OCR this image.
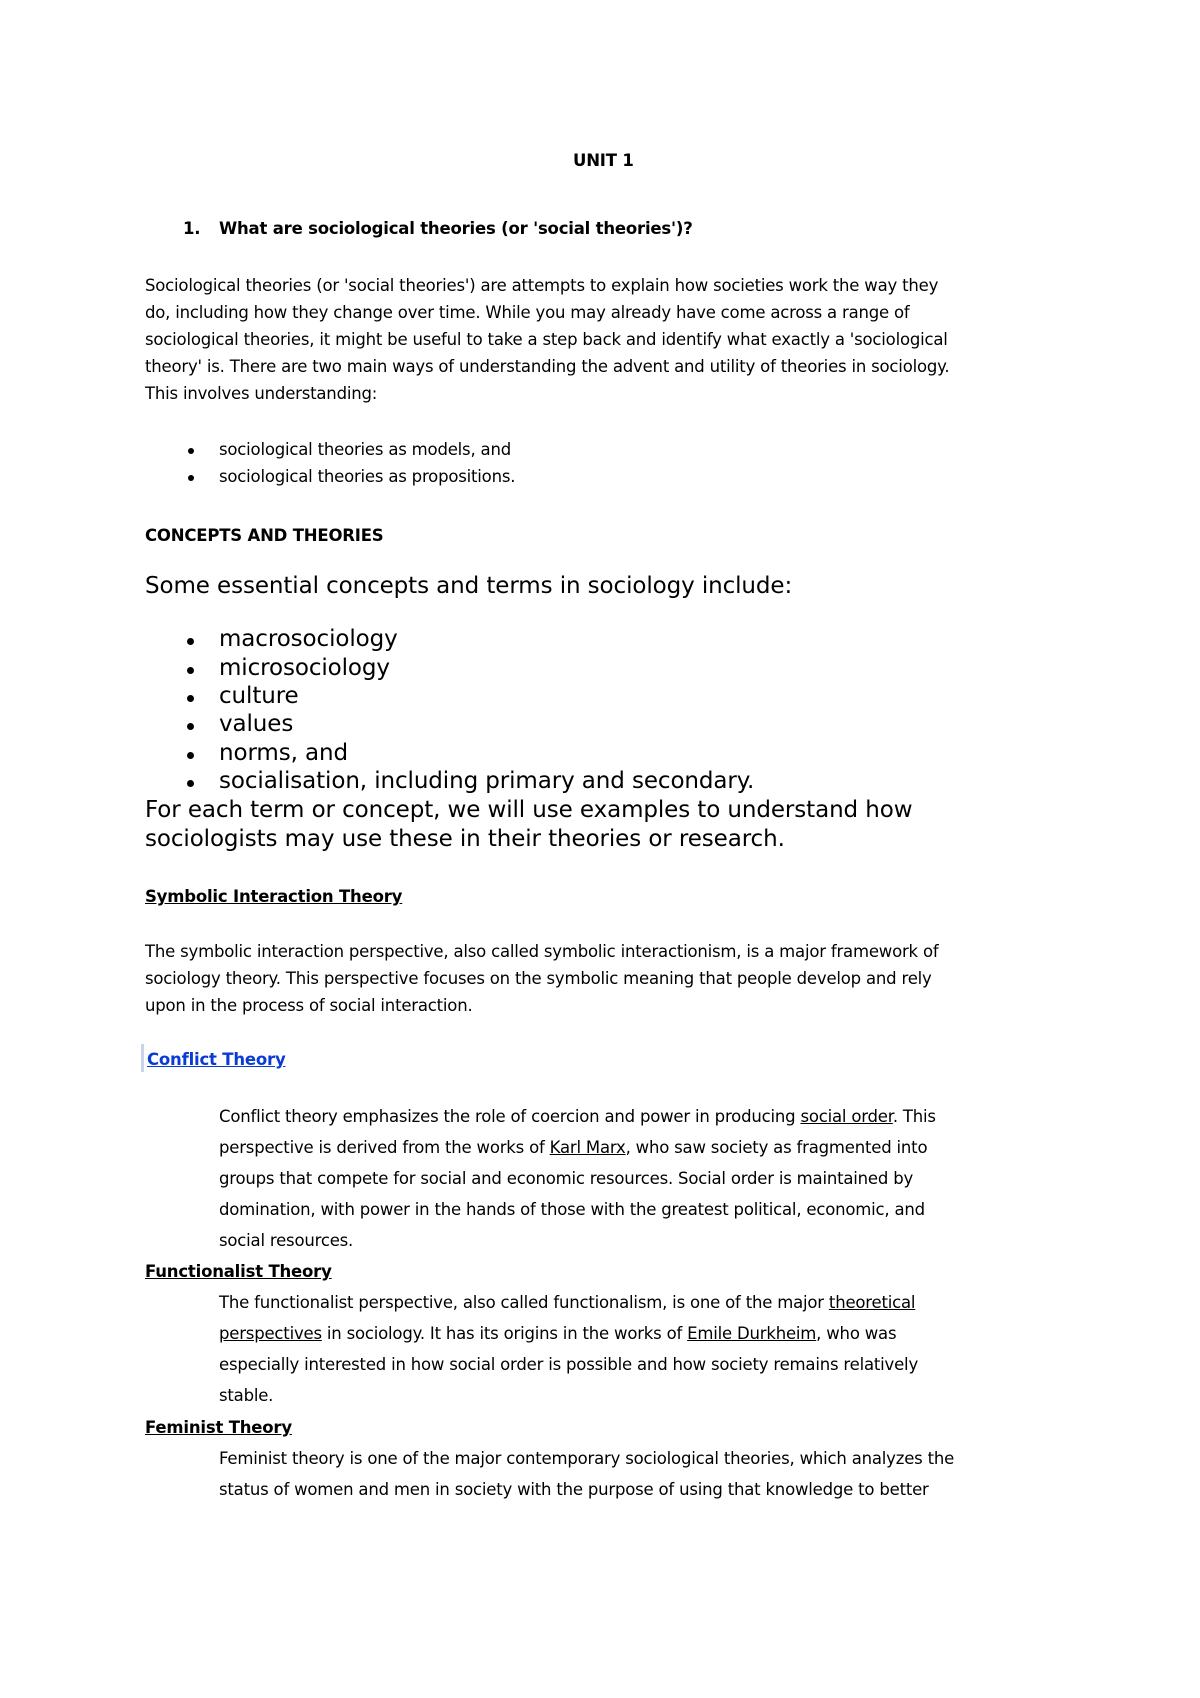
UNIT 1
1. What are sociological theories (or 'social theories')?
Sociological theories (or 'social theories') are attempts to explain how societies work the way they
do, including how they change over time. While you may already have come across a range of
sociological theories, it might be useful to take a step back and identify what exactly a 'sociological
theory' is. There are two main ways of understanding the advent and utility of theories in sociology.
This involves understanding:
sociological theories as models, and
sociological theories as propositions.
CONCEPTS AND THEORIES
Some essential concepts and terms in sociology include:
macrosociology
microsociology
culture
values
norms, and
socialisation, including primary and secondary.
For each term or concept, we will use examples to understand how
sociologists may use these in their theories or research.
Symbolic Interaction Theory
The symbolic interaction perspective, also called symbolic interactionism, is a major framework of
sociology theory. This perspective focuses on the symbolic meaning that people develop and rely
upon in the process of social interaction.
Conflict Theory
Conflict theory emphasizes the role of coercion and power in producing social order. This
perspective is derived from the works of Karl Marx, who saw society as fragmented into
groups that compete for social and economic resources. Social order is maintained by
domination, with power in the hands of those with the greatest political, economic, and
social resources.
Functionalist Theory
The functionalist perspective, also called functionalism, is one of the major theoretical
perspectives in sociology. It has its origins in the works of Emile Durkheim, who was
especially interested in how social order is possible and how society remains relatively
stable.
Feminist Theory
Feminist theory is one of the major contemporary sociological theories, which analyzes the
status of women and men in society with the purpose of using that knowledge to better
